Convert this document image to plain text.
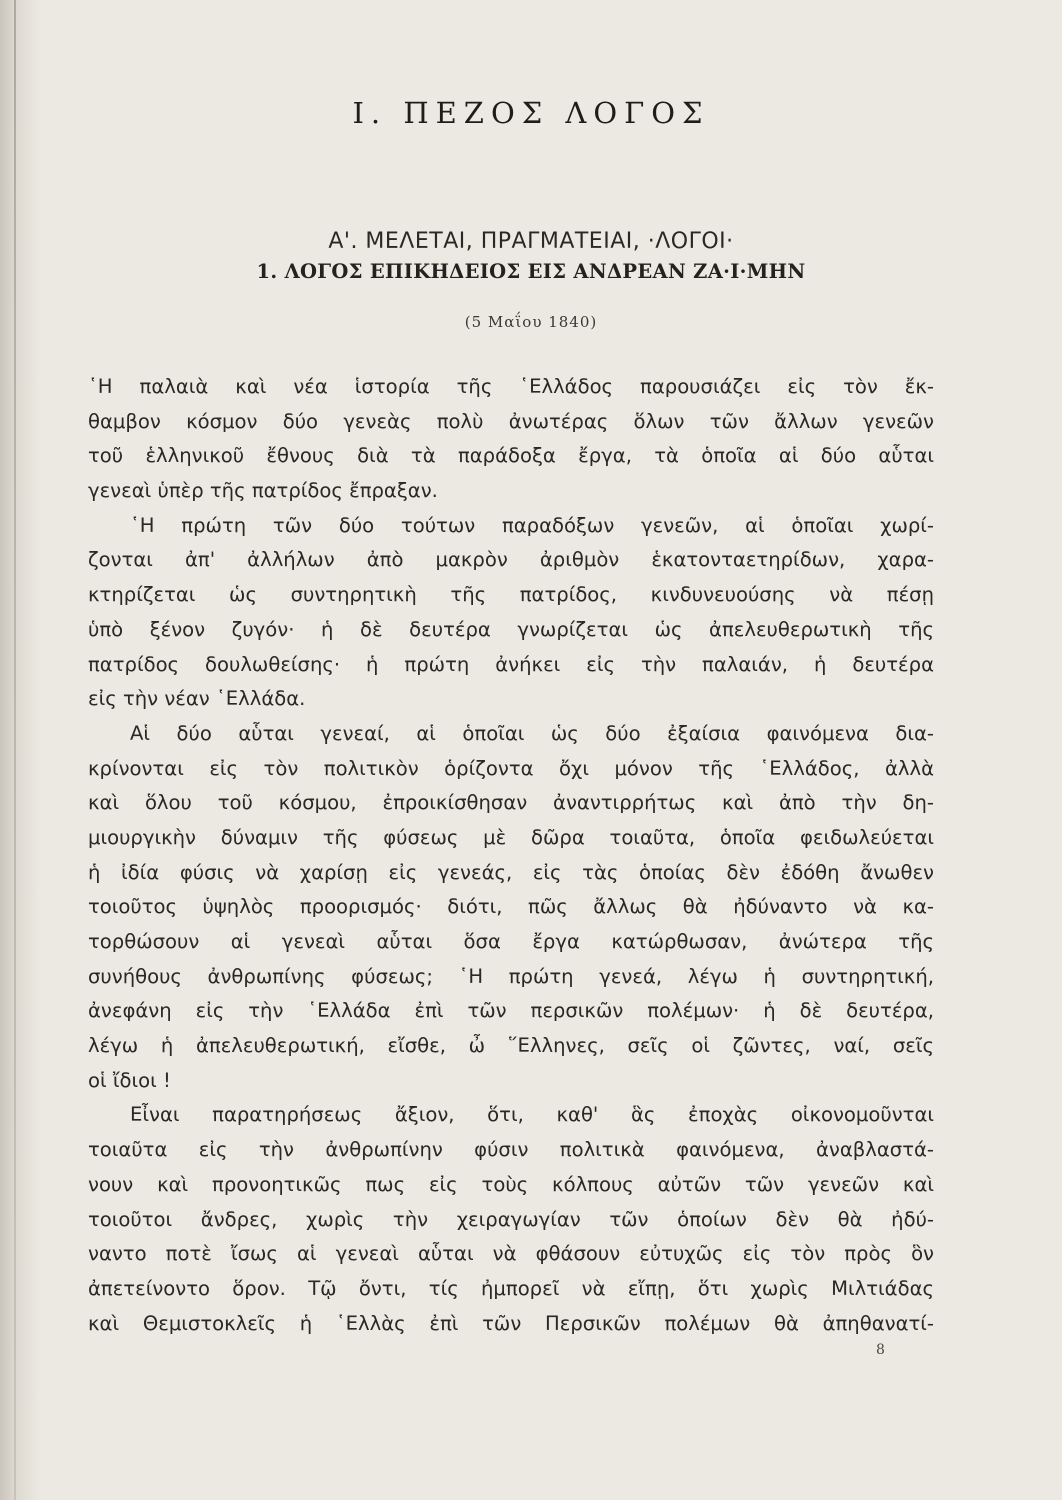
Ι. ΠΕΖΟΣ ΛΟΓΟΣ
Α'. ΜΕΛΕΤΑΙ, ΠΡΑΓΜΑΤΕΙΑΙ, ·ΛΟΓΟΙ·
1. ΛΟΓΟΣ ΕΠΙΚΗΔΕΙΟΣ ΕΙΣ ΑΝΔΡΕΑΝ ΖΑ·Ι·ΜΗΝ
(5 Μαΐου 1840)
῾Η παλαιὰ καὶ νέα ἱστορία τῆς ῾Ελλάδος παρουσιάζει εἰς τὸν ἔκ-
θαμβον κόσμον δύο γενεὰς πολὺ ἀνωτέρας ὅλων τῶν ἄλλων γενεῶν
τοῦ ἑλληνικοῦ ἔθνους διὰ τὰ παράδοξα ἔργα, τὰ ὁποῖα αἱ δύο αὗται
γενεαὶ ὑπὲρ τῆς πατρίδος ἔπραξαν.
῾Η πρώτη τῶν δύο τούτων παραδόξων γενεῶν, αἱ ὁποῖαι χωρί-
ζονται ἀπ' ἀλλήλων ἀπὸ μακρὸν ἀριθμὸν ἑκατονταετηρίδων, χαρα-
κτηρίζεται ὡς συντηρητικὴ τῆς πατρίδος, κινδυνευούσης νὰ πέσῃ
ὑπὸ ξένον ζυγόν· ἡ δὲ δευτέρα γνωρίζεται ὡς ἀπελευθερωτικὴ τῆς
πατρίδος δουλωθείσης· ἡ πρώτη ἀνήκει εἰς τὴν παλαιάν, ἡ δευτέρα
εἰς τὴν νέαν ῾Ελλάδα.
Αἱ δύο αὗται γενεαί, αἱ ὁποῖαι ὡς δύο ἐξαίσια φαινόμενα δια-
κρίνονται εἰς τὸν πολιτικὸν ὁρίζοντα ὄχι μόνον τῆς ῾Ελλάδος, ἀλλὰ
καὶ ὅλου τοῦ κόσμου, ἐπροικίσθησαν ἀναντιρρήτως καὶ ἀπὸ τὴν δη-
μιουργικὴν δύναμιν τῆς φύσεως μὲ δῶρα τοιαῦτα, ὁποῖα φειδωλεύεται
ἡ ἰδία φύσις νὰ χαρίσῃ εἰς γενεάς, εἰς τὰς ὁποίας δὲν ἐδόθη ἄνωθεν
τοιοῦτος ὑψηλὸς προορισμός· διότι, πῶς ἄλλως θὰ ἠδύναντο νὰ κα-
τορθώσουν αἱ γενεαὶ αὗται ὅσα ἔργα κατώρθωσαν, ἀνώτερα τῆς
συνήθους ἀνθρωπίνης φύσεως; ῾Η πρώτη γενεά, λέγω ἡ συντηρητική,
ἀνεφάνη εἰς τὴν ῾Ελλάδα ἐπὶ τῶν περσικῶν πολέμων· ἡ δὲ δευτέρα,
λέγω ἡ ἀπελευθερωτική, εἴσθε, ὦ ῞Ελληνες, σεῖς οἱ ζῶντες, ναί, σεῖς
οἱ ἴδιοι !
Εἶναι παρατηρήσεως ἄξιον, ὅτι, καθ' ἃς ἐποχὰς οἰκονομοῦνται
τοιαῦτα εἰς τὴν ἀνθρωπίνην φύσιν πολιτικὰ φαινόμενα, ἀναβλαστά-
νουν καὶ προνοητικῶς πως εἰς τοὺς κόλπους αὐτῶν τῶν γενεῶν καὶ
τοιοῦτοι ἄνδρες, χωρὶς τὴν χειραγωγίαν τῶν ὁποίων δὲν θὰ ἠδύ-
ναντο ποτὲ ἴσως αἱ γενεαὶ αὗται νὰ φθάσουν εὐτυχῶς εἰς τὸν πρὸς ὃν
ἀπετείνοντο ὅρον. Τῷ ὄντι, τίς ἠμπορεῖ νὰ εἴπῃ, ὅτι χωρὶς Μιλτιάδας
καὶ Θεμιστοκλεῖς ἡ ῾Ελλὰς ἐπὶ τῶν Περσικῶν πολέμων θὰ ἀπηθανατί-
8
